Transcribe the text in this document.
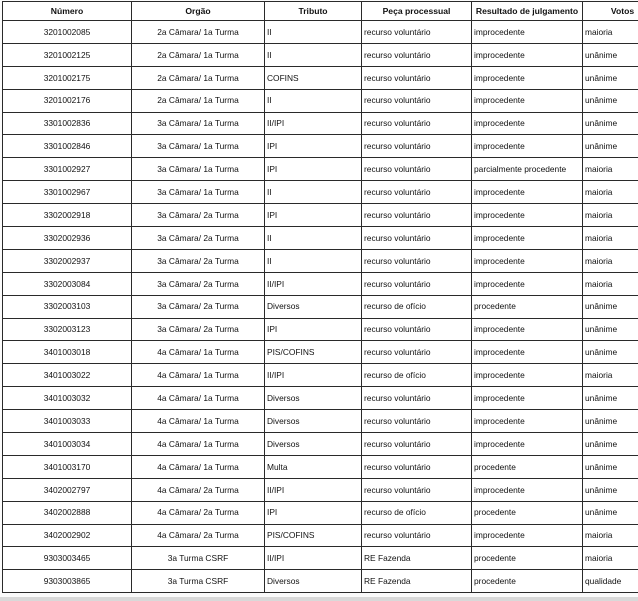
Número	Orgão	Tributo	Peça processual	Resultado de julgamento	Votos
3201002085	2a Câmara/ 1a Turma	II	recurso voluntário	improcedente	maioria
3201002125	2a Câmara/ 1a Turma	II	recurso voluntário	improcedente	unânime
3201002175	2a Câmara/ 1a Turma	COFINS	recurso voluntário	improcedente	unânime
3201002176	2a Câmara/ 1a Turma	II	recurso voluntário	improcedente	unânime
3301002836	3a Câmara/ 1a Turma	II/IPI	recurso voluntário	improcedente	unânime
3301002846	3a Câmara/ 1a Turma	IPI	recurso voluntário	improcedente	unânime
3301002927	3a Câmara/ 1a Turma	IPI	recurso voluntário	parcialmente procedente	maioria
3301002967	3a Câmara/ 1a Turma	II	recurso voluntário	improcedente	maioria
3302002918	3a Câmara/ 2a Turma	IPI	recurso voluntário	improcedente	maioria
3302002936	3a Câmara/ 2a Turma	II	recurso voluntário	improcedente	maioria
3302002937	3a Câmara/ 2a Turma	II	recurso voluntário	improcedente	maioria
3302003084	3a Câmara/ 2a Turma	II/IPI	recurso voluntário	improcedente	maioria
3302003103	3a Câmara/ 2a Turma	Diversos	recurso de ofício	procedente	unânime
3302003123	3a Câmara/ 2a Turma	IPI	recurso voluntário	improcedente	unânime
3401003018	4a Câmara/ 1a Turma	PIS/COFINS	recurso voluntário	improcedente	unânime
3401003022	4a Câmara/ 1a Turma	II/IPI	recurso de ofício	improcedente	maioria
3401003032	4a Câmara/ 1a Turma	Diversos	recurso voluntário	improcedente	unânime
3401003033	4a Câmara/ 1a Turma	Diversos	recurso voluntário	improcedente	unânime
3401003034	4a Câmara/ 1a Turma	Diversos	recurso voluntário	improcedente	unânime
3401003170	4a Câmara/ 1a Turma	Multa	recurso voluntário	procedente	unânime
3402002797	4a Câmara/ 2a Turma	II/IPI	recurso voluntário	improcedente	unânime
3402002888	4a Câmara/ 2a Turma	IPI	recurso de ofício	procedente	unânime
3402002902	4a Câmara/ 2a Turma	PIS/COFINS	recurso voluntário	improcedente	maioria
9303003465	3a Turma CSRF	II/IPI	RE Fazenda	procedente	maioria
9303003865	3a Turma CSRF	Diversos	RE Fazenda	procedente	qualidade
